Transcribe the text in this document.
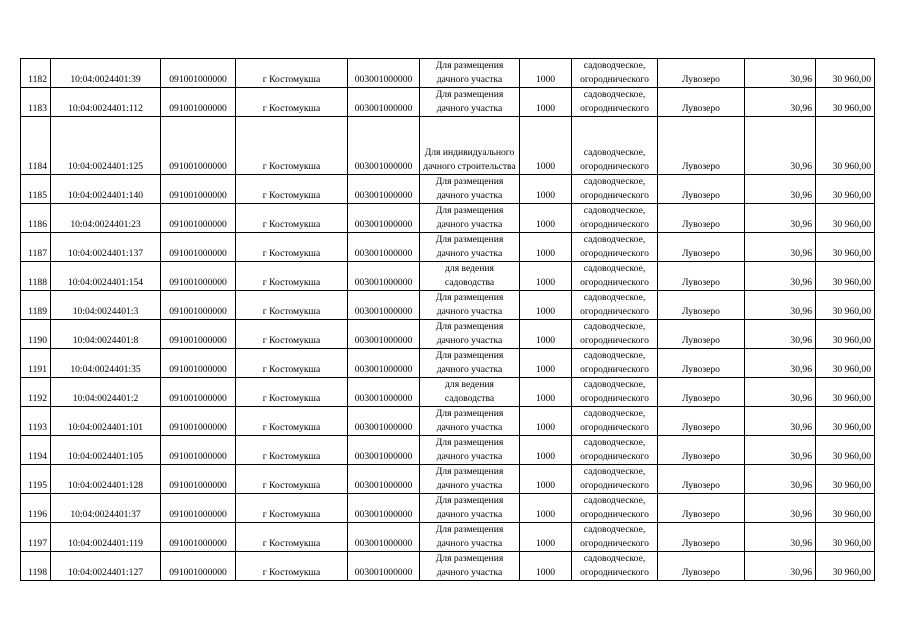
1182	10:04:0024401:39	091001000000	г Костомукша	003001000000	Для размещения дачного участка	1000	садоводческое, огороднического	Лувозеро	30,96	30 960,00
1183	10:04:0024401:112	091001000000	г Костомукша	003001000000	Для размещения дачного участка	1000	садоводческое, огороднического	Лувозеро	30,96	30 960,00
1184	10:04:0024401:125	091001000000	г Костомукша	003001000000	Для индивидуального дачного строительства	1000	садоводческое, огороднического	Лувозеро	30,96	30 960,00
1185	10:04:0024401:140	091001000000	г Костомукша	003001000000	Для размещения дачного участка	1000	садоводческое, огороднического	Лувозеро	30,96	30 960,00
1186	10:04:0024401:23	091001000000	г Костомукша	003001000000	Для размещения дачного участка	1000	садоводческое, огороднического	Лувозеро	30,96	30 960,00
1187	10:04:0024401:137	091001000000	г Костомукша	003001000000	Для размещения дачного участка	1000	садоводческое, огороднического	Лувозеро	30,96	30 960,00
1188	10:04:0024401:154	091001000000	г Костомукша	003001000000	для ведения садоводства	1000	садоводческое, огороднического	Лувозеро	30,96	30 960,00
1189	10:04:0024401:3	091001000000	г Костомукша	003001000000	Для размещения дачного участка	1000	садоводческое, огороднического	Лувозеро	30,96	30 960,00
1190	10:04:0024401:8	091001000000	г Костомукша	003001000000	Для размещения дачного участка	1000	садоводческое, огороднического	Лувозеро	30,96	30 960,00
1191	10:04:0024401:35	091001000000	г Костомукша	003001000000	Для размещения дачного участка	1000	садоводческое, огороднического	Лувозеро	30,96	30 960,00
1192	10:04:0024401:2	091001000000	г Костомукша	003001000000	для ведения садоводства	1000	садоводческое, огороднического	Лувозеро	30,96	30 960,00
1193	10:04:0024401:101	091001000000	г Костомукша	003001000000	Для размещения дачного участка	1000	садоводческое, огороднического	Лувозеро	30,96	30 960,00
1194	10:04:0024401:105	091001000000	г Костомукша	003001000000	Для размещения дачного участка	1000	садоводческое, огороднического	Лувозеро	30,96	30 960,00
1195	10:04:0024401:128	091001000000	г Костомукша	003001000000	Для размещения дачного участка	1000	садоводческое, огороднического	Лувозеро	30,96	30 960,00
1196	10:04:0024401:37	091001000000	г Костомукша	003001000000	Для размещения дачного участка	1000	садоводческое, огороднического	Лувозеро	30,96	30 960,00
1197	10:04:0024401:119	091001000000	г Костомукша	003001000000	Для размещения дачного участка	1000	садоводческое, огороднического	Лувозеро	30,96	30 960,00
1198	10:04:0024401:127	091001000000	г Костомукша	003001000000	Для размещения дачного участка	1000	садоводческое, огороднического	Лувозеро	30,96	30 960,00
